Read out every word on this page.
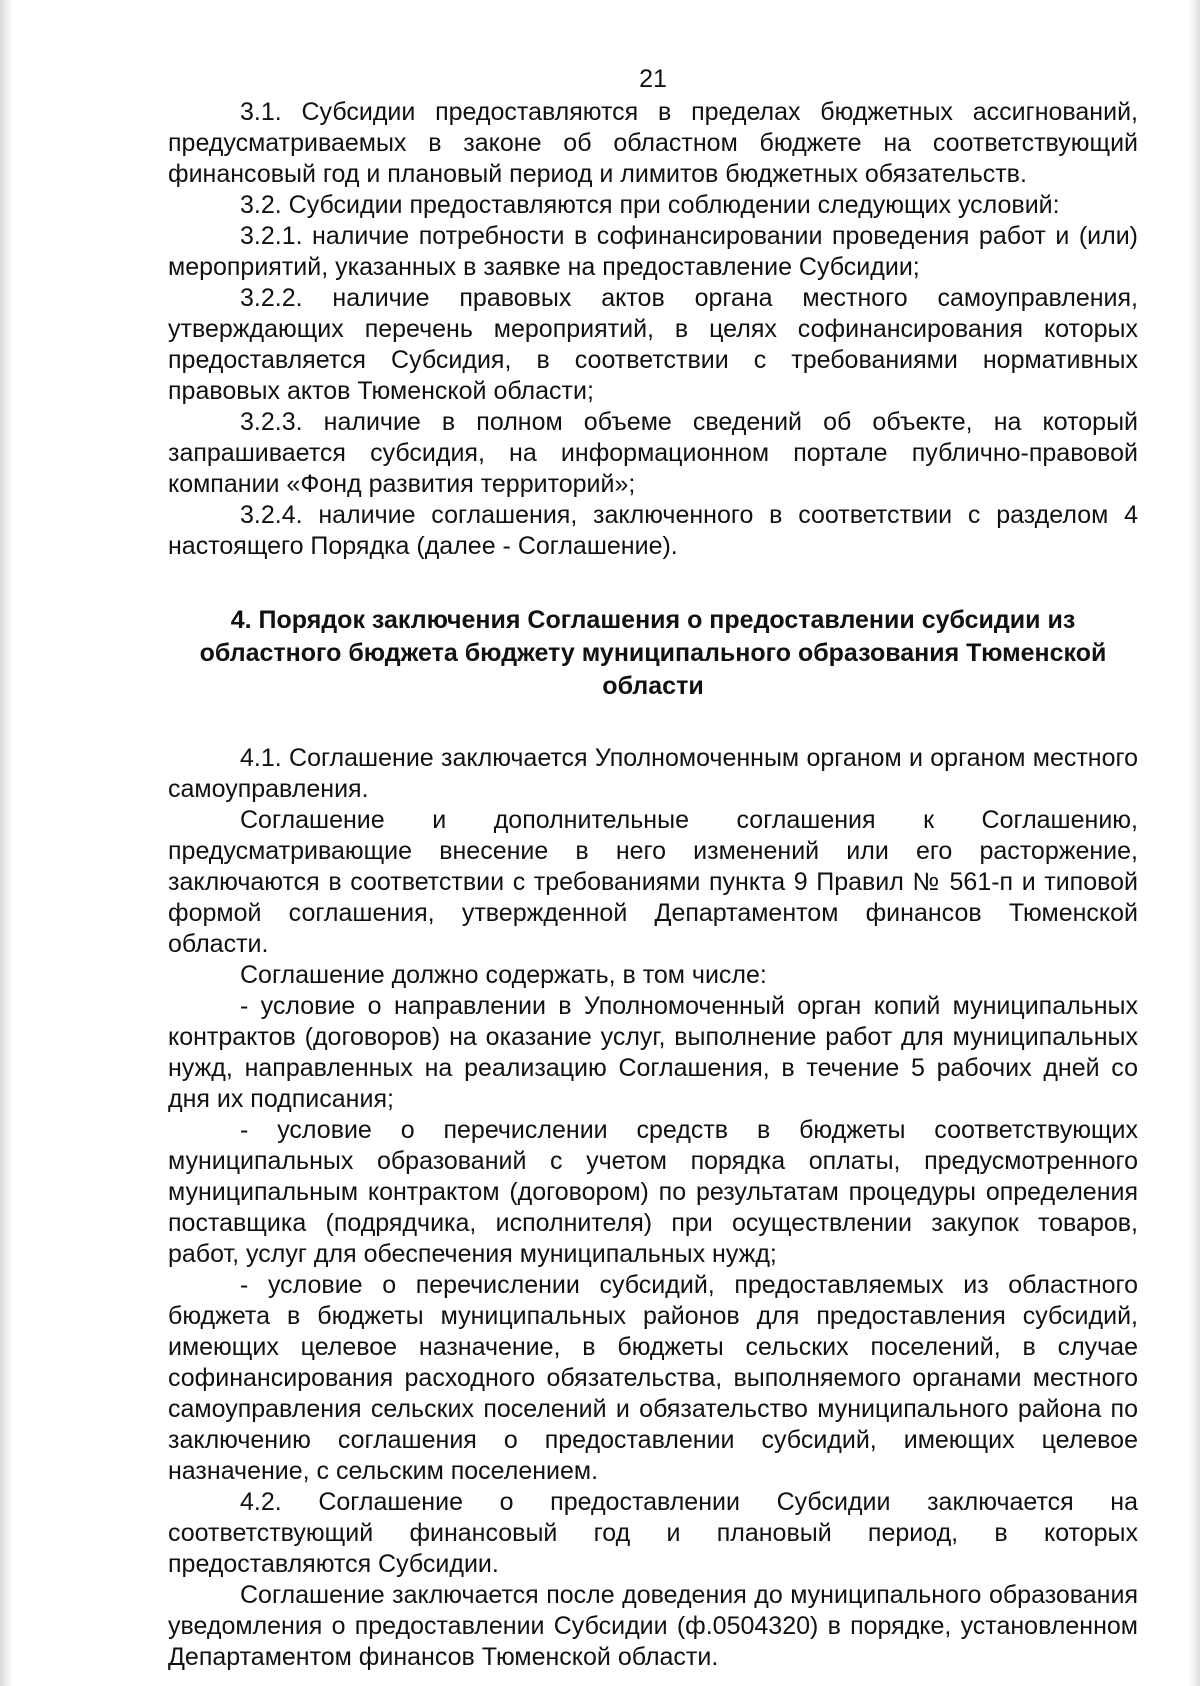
21

3.1. Субсидии предоставляются в пределах бюджетных ассигнований, предусматриваемых в законе об областном бюджете на соответствующий финансовый год и плановый период и лимитов бюджетных обязательств.

3.2. Субсидии предоставляются при соблюдении следующих условий:

3.2.1. наличие потребности в софинансировании проведения работ и (или) мероприятий, указанных в заявке на предоставление Субсидии;

3.2.2. наличие правовых актов органа местного самоуправления, утверждающих перечень мероприятий, в целях софинансирования которых предоставляется Субсидия, в соответствии с требованиями нормативных правовых актов Тюменской области;

3.2.3. наличие в полном объеме сведений об объекте, на который запрашивается субсидия, на информационном портале публично-правовой компании «Фонд развития территорий»;

3.2.4. наличие соглашения, заключенного в соответствии с разделом 4 настоящего Порядка (далее - Соглашение).

4. Порядок заключения Соглашения о предоставлении субсидии из областного бюджета бюджету муниципального образования Тюменской области

4.1. Соглашение заключается Уполномоченным органом и органом местного самоуправления.

Соглашение и дополнительные соглашения к Соглашению, предусматривающие внесение в него изменений или его расторжение, заключаются в соответствии с требованиями пункта 9 Правил № 561-п и типовой формой соглашения, утвержденной Департаментом финансов Тюменской области.

Соглашение должно содержать, в том числе:

- условие о направлении в Уполномоченный орган копий муниципальных контрактов (договоров) на оказание услуг, выполнение работ для муниципальных нужд, направленных на реализацию Соглашения, в течение 5 рабочих дней со дня их подписания;

- условие о перечислении средств в бюджеты соответствующих муниципальных образований с учетом порядка оплаты, предусмотренного муниципальным контрактом (договором) по результатам процедуры определения поставщика (подрядчика, исполнителя) при осуществлении закупок товаров, работ, услуг для обеспечения муниципальных нужд;

- условие о перечислении субсидий, предоставляемых из областного бюджета в бюджеты муниципальных районов для предоставления субсидий, имеющих целевое назначение, в бюджеты сельских поселений, в случае софинансирования расходного обязательства, выполняемого органами местного самоуправления сельских поселений и обязательство муниципального района по заключению соглашения о предоставлении субсидий, имеющих целевое назначение, с сельским поселением.

4.2. Соглашение о предоставлении Субсидии заключается на соответствующий финансовый год и плановый период, в которых предоставляются Субсидии.

Соглашение заключается после доведения до муниципального образования уведомления о предоставлении Субсидии (ф.0504320) в порядке, установленном Департаментом финансов Тюменской области.
